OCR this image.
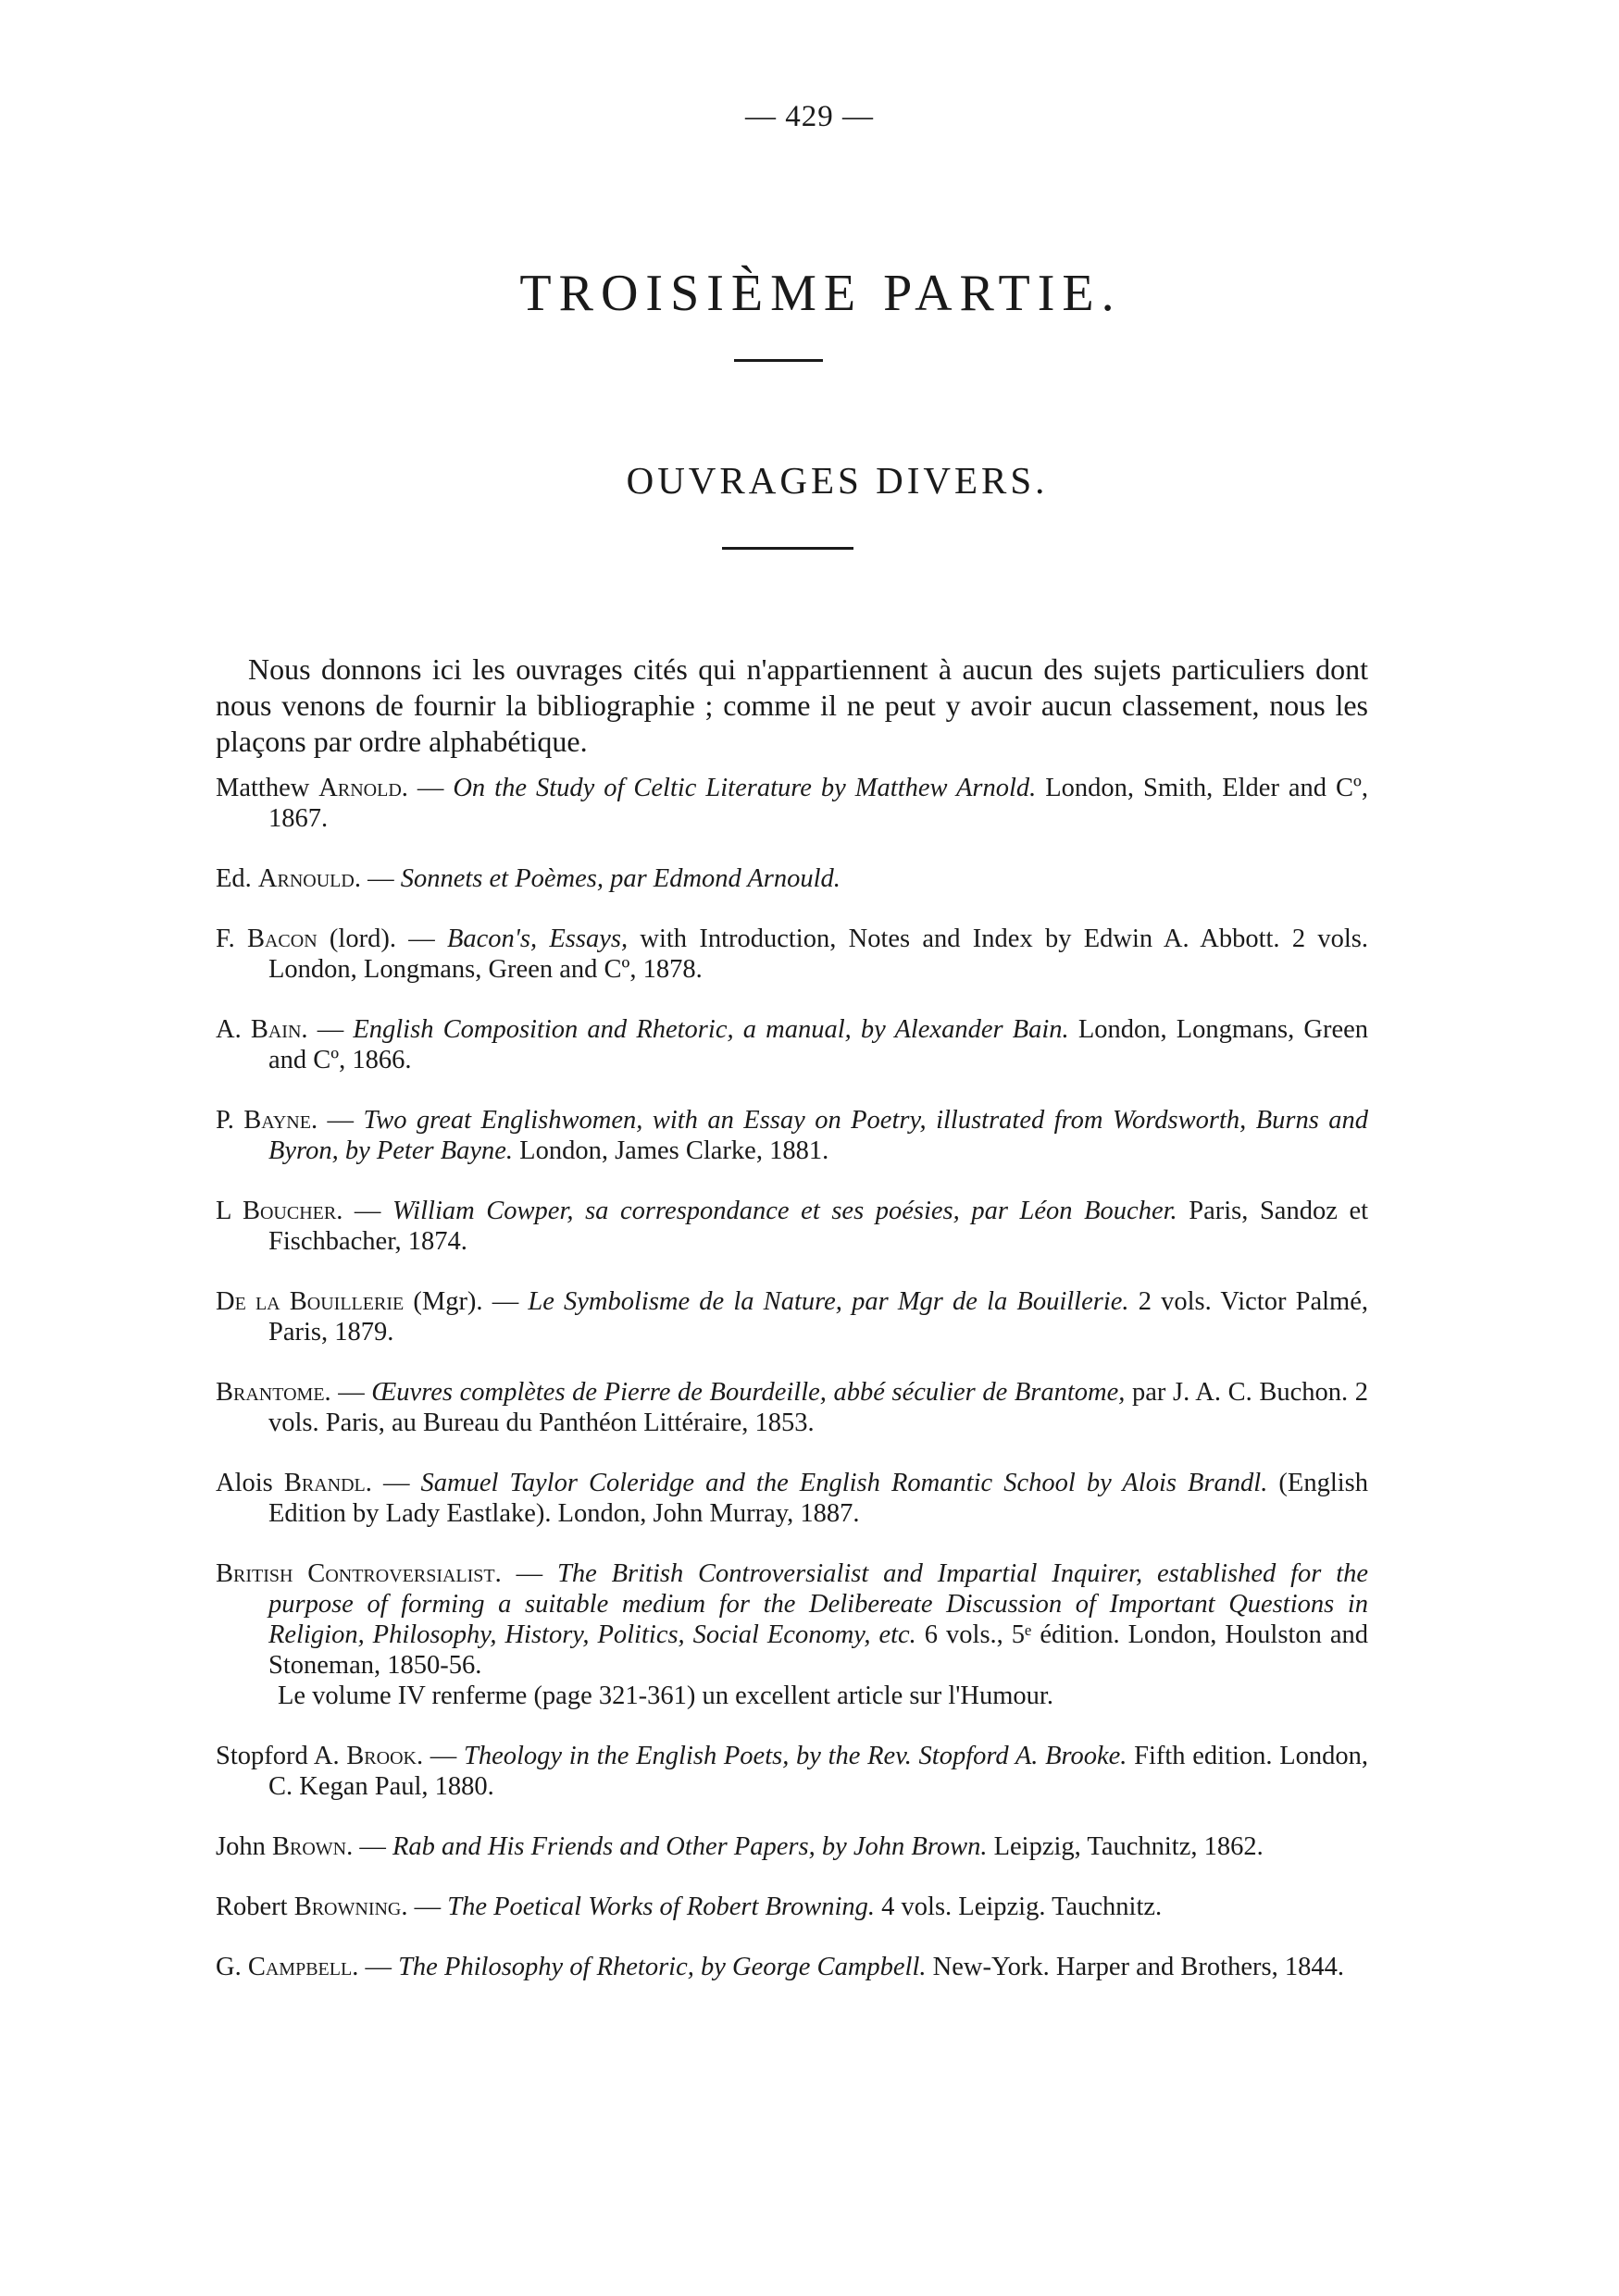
— 429 —
TROISIÈME PARTIE.
OUVRAGES DIVERS.

Nous donnons ici les ouvrages cités qui n'appartiennent à aucun des sujets particuliers dont nous venons de fournir la bibliographie ; comme il ne peut y avoir aucun classement, nous les plaçons par ordre alphabétique.

Matthew Arnold. — On the Study of Celtic Literature by Matthew Arnold. London, Smith, Elder and Cº, 1867.
Ed. Arnould. — Sonnets et Poèmes, par Edmond Arnould.
F. Bacon (lord). — Bacon's, Essays, with Introduction, Notes and Index by Edwin A. Abbott. 2 vols. London, Longmans, Green and Cº, 1878.
A. Bain. — English Composition and Rhetoric, a manual, by Alexander Bain. London, Longmans, Green and Cº, 1866.
P. Bayne. — Two great Englishwomen, with an Essay on Poetry, illustrated from Wordsworth, Burns and Byron, by Peter Bayne. London, James Clarke, 1881.
L Boucher. — William Cowper, sa correspondance et ses poésies, par Léon Boucher. Paris, Sandoz et Fischbacher, 1874.
De la Bouillerie (Mgr). — Le Symbolisme de la Nature, par Mgr de la Bouillerie. 2 vols. Victor Palmé, Paris, 1879.
Brantome. — Œuvres complètes de Pierre de Bourdeille, abbé séculier de Brantome, par J. A. C. Buchon. 2 vols. Paris, au Bureau du Panthéon Littéraire, 1853.
Alois Brandl. — Samuel Taylor Coleridge and the English Romantic School by Alois Brandl. (English Edition by Lady Eastlake). London, John Murray, 1887.
British Controversialist. — The British Controversialist and Impartial Inquirer, established for the purpose of forming a suitable medium for the Delibereate Discussion of Important Questions in Religion, Philosophy, History, Politics, Social Economy, etc. 6 vols., 5ᵉ édition. London, Houlston and Stoneman, 1850-56.
Le volume IV renferme (page 321-361) un excellent article sur l'Humour.
Stopford A. Brook. — Theology in the English Poets, by the Rev. Stopford A. Brooke. Fifth edition. London, C. Kegan Paul, 1880.
John Brown. — Rab and His Friends and Other Papers, by John Brown. Leipzig, Tauchnitz, 1862.
Robert Browning. — The Poetical Works of Robert Browning. 4 vols. Leipzig. Tauchnitz.
G. Campbell. — The Philosophy of Rhetoric, by George Campbell. New-York. Harper and Brothers, 1844.
